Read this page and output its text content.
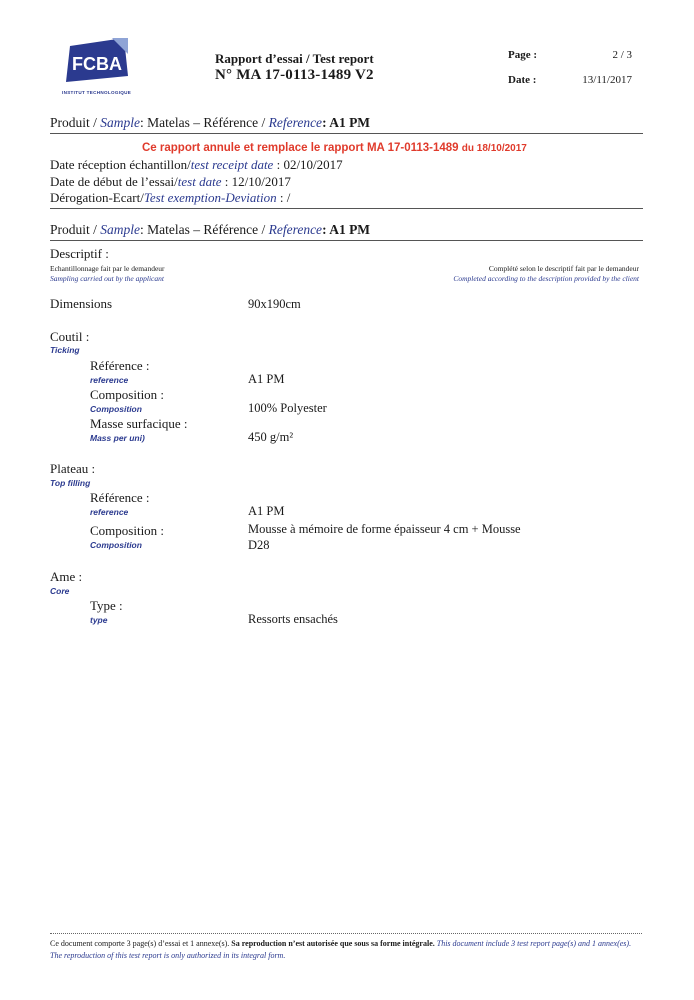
FCBA
INSTITUT TECHNOLOGIQUE
Rapport d’essai / Test report
N° MA 17-0113-1489 V2
Page :	2 / 3
Date :	13/11/2017
Produit / Sample: Matelas – Référence / Reference: A1 PM
Ce rapport annule et remplace le rapport MA 17-0113-1489 du 18/10/2017
Date réception échantillon/test receipt date : 02/10/2017
Date de début de l’essai/test date : 12/10/2017
Dérogation-Ecart/Test exemption-Deviation : /
Produit / Sample: Matelas – Référence / Reference: A1 PM
Descriptif :
Echantillonnage fait par le demandeur
Sampling carried out by the applicant
Complété selon le descriptif fait par le demandeur
Completed according to the description provided by the client
Dimensions	90x190cm
Coutil :
Ticking
Référence :
reference	A1 PM
Composition :
Composition	100% Polyester
Masse surfacique :
Mass per uni)	450 g/m²
Plateau :
Top filling
Référence :
reference	A1 PM
Composition :
Composition
Mousse à mémoire de forme épaisseur 4 cm + Mousse
D28
Ame :
Core
Type :
type	Ressorts ensachés
Ce document comporte 3 page(s) d’essai et 1 annexe(s). Sa reproduction n’est autorisée que sous sa forme intégrale. This document include 3 test report page(s) and 1 annex(es). The reproduction of this test report is only authorized in its integral form.
